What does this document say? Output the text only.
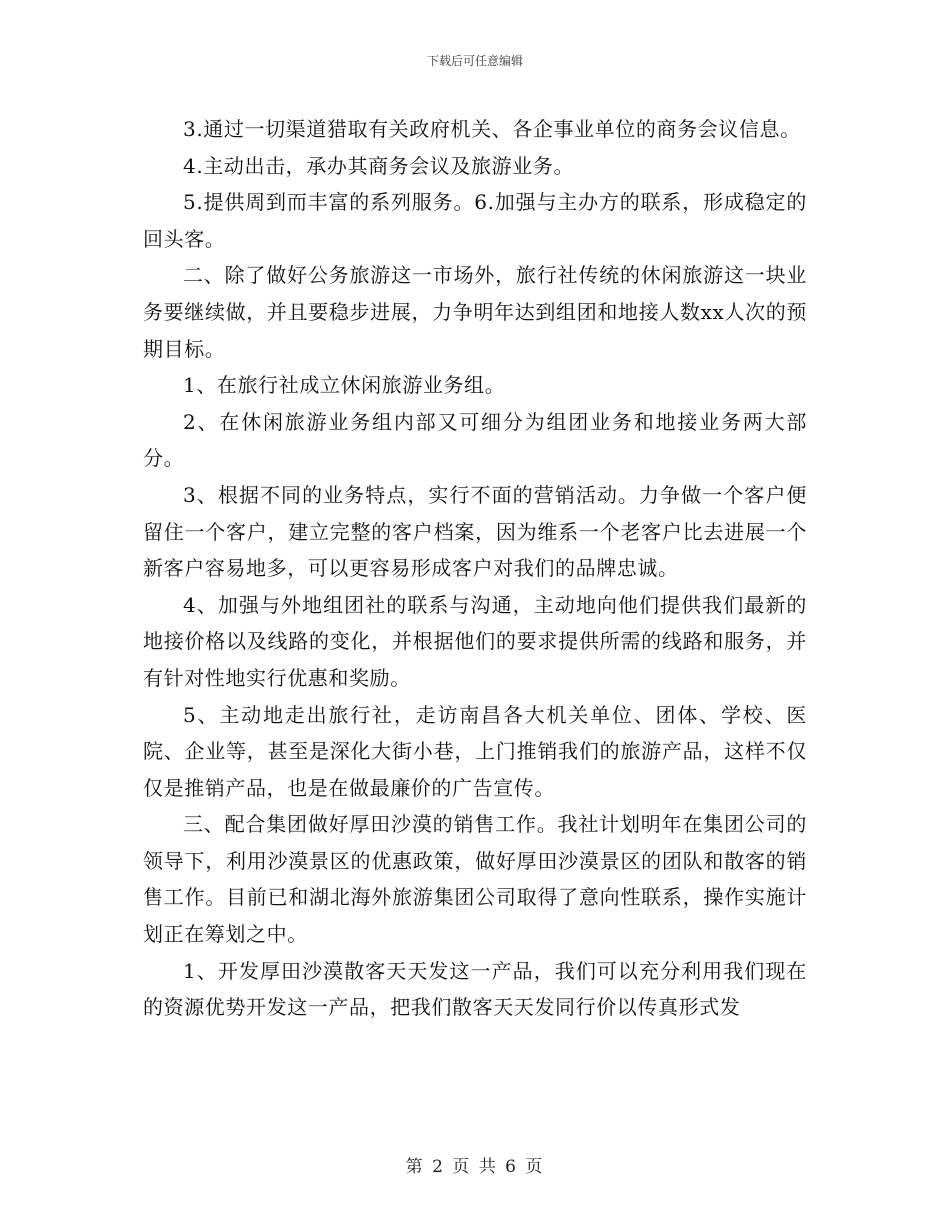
下载后可任意编辑

3.通过一切渠道猎取有关政府机关、各企事业单位的商务会议信息。

4.主动出击，承办其商务会议及旅游业务。

5.提供周到而丰富的系列服务。6.加强与主办方的联系，形成稳定的回头客。

二、除了做好公务旅游这一市场外，旅行社传统的休闲旅游这一块业务要继续做，并且要稳步进展，力争明年达到组团和地接人数xx人次的预期目标。

1、在旅行社成立休闲旅游业务组。

2、在休闲旅游业务组内部又可细分为组团业务和地接业务两大部分。

3、根据不同的业务特点，实行不面的营销活动。力争做一个客户便留住一个客户，建立完整的客户档案，因为维系一个老客户比去进展一个新客户容易地多，可以更容易形成客户对我们的品牌忠诚。

4、加强与外地组团社的联系与沟通，主动地向他们提供我们最新的地接价格以及线路的变化，并根据他们的要求提供所需的线路和服务，并有针对性地实行优惠和奖励。

5、主动地走出旅行社，走访南昌各大机关单位、团体、学校、医院、企业等，甚至是深化大街小巷，上门推销我们的旅游产品，这样不仅仅是推销产品，也是在做最廉价的广告宣传。

三、配合集团做好厚田沙漠的销售工作。我社计划明年在集团公司的领导下，利用沙漠景区的优惠政策，做好厚田沙漠景区的团队和散客的销售工作。目前已和湖北海外旅游集团公司取得了意向性联系，操作实施计划正在筹划之中。

1、开发厚田沙漠散客天天发这一产品，我们可以充分利用我们现在的资源优势开发这一产品，把我们散客天天发同行价以传真形式发

第 2 页 共 6 页
